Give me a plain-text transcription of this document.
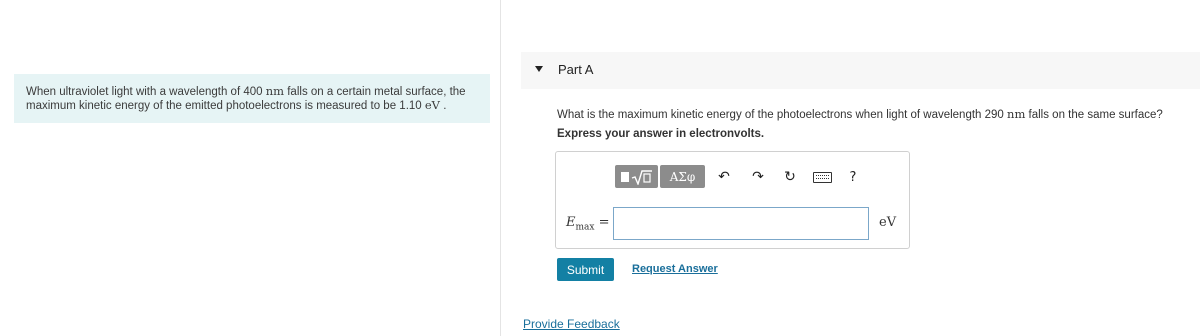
When ultraviolet light with a wavelength of 400 nm falls on a certain metal surface, the
maximum kinetic energy of the emitted photoelectrons is measured to be 1.10 eV .
Part A
What is the maximum kinetic energy of the photoelectrons when light of wavelength 290 nm falls on the same surface?
Express your answer in electronvolts.
ΑΣφ	↶ ↷ ↻	?
$E_{max}$ =	eV
Submit	Request Answer
Provide Feedback
